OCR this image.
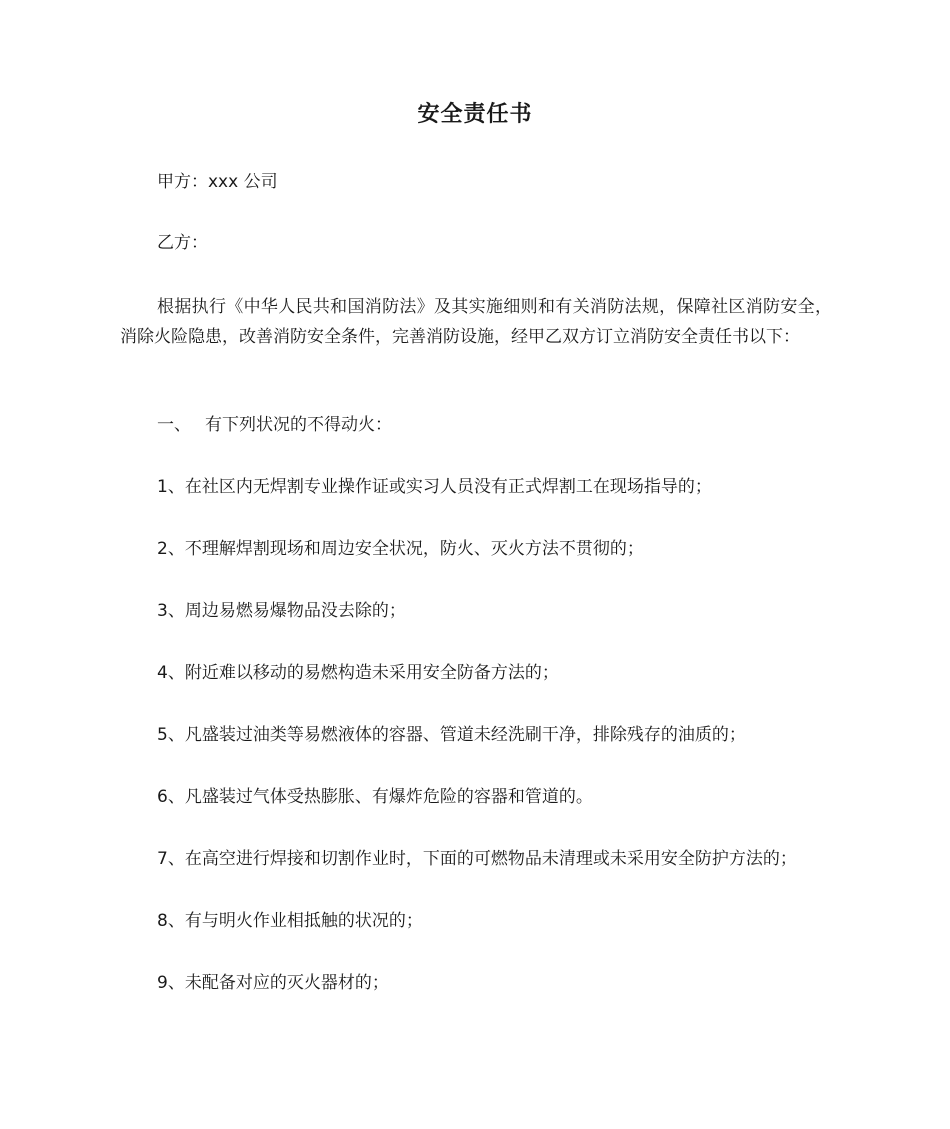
安全责任书
甲方：xxx 公司
乙方：

根据执行《中华人民共和国消防法》及其实施细则和有关消防法规，保障社区消防安全，消除火险隐患，改善消防安全条件，完善消防设施，经甲乙双方订立消防安全责任书以下：

一、 有下列状况的不得动火：
1、在社区内无焊割专业操作证或实习人员没有正式焊割工在现场指导的；
2、不理解焊割现场和周边安全状况，防火、灭火方法不贯彻的；
3、周边易燃易爆物品没去除的；
4、附近难以移动的易燃构造未采用安全防备方法的；
5、凡盛装过油类等易燃液体的容器、管道未经洗刷干净，排除残存的油质的；
6、凡盛装过气体受热膨胀、有爆炸危险的容器和管道的。
7、在高空进行焊接和切割作业时，下面的可燃物品未清理或未采用安全防护方法的；
8、有与明火作业相抵触的状况的；
9、未配备对应的灭火器材的；
